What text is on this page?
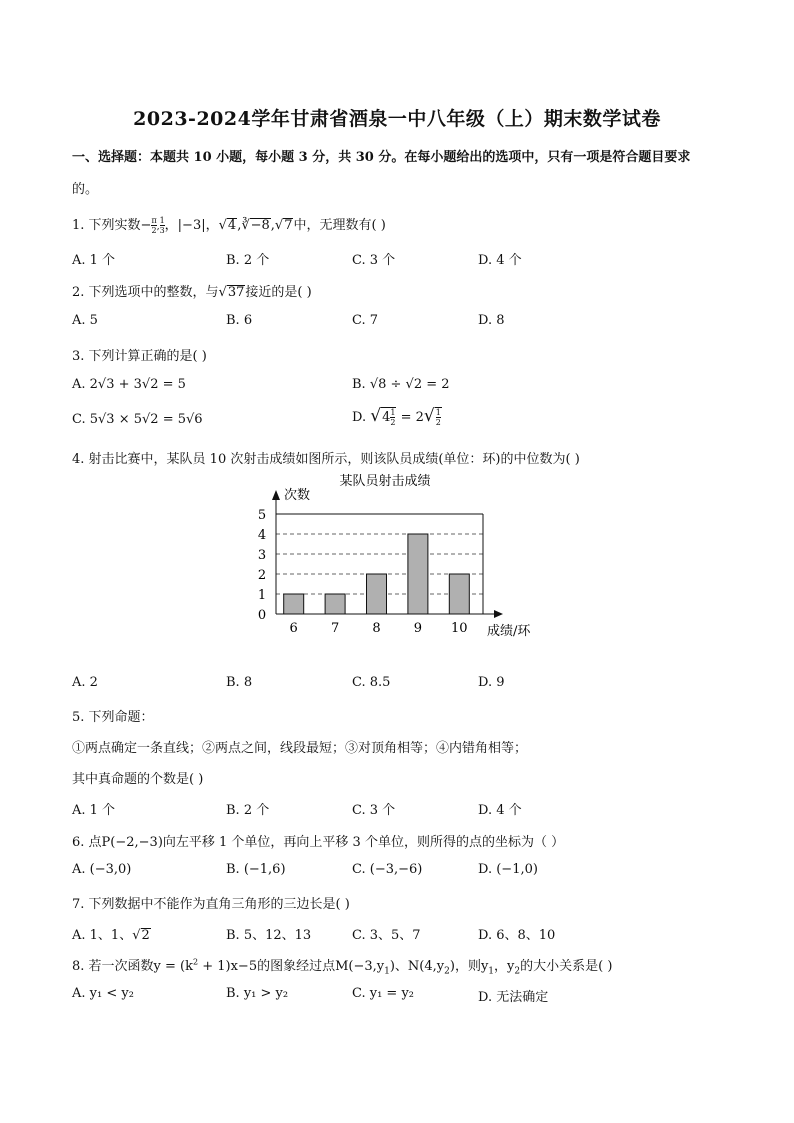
2023-2024学年甘肃省酒泉一中八年级（上）期末数学试卷
一、选择题：本题共 10 小题，每小题 3 分，共 30 分。在每小题给出的选项中，只有一项是符合题目要求
的。
1. 下列实数− $\frac{\pi}{2}$ , $\frac{1}{3}$ ，|−3|，√4,∛−8,√7中，无理数有( )
A. 1 个	B. 2 个	C. 3 个	D. 4 个
2. 下列选项中的整数，与√37接近的是( )
A. 5	B. 6	C. 7	D. 8
3. 下列计算正确的是( )
A. 2√3 + 3√2 = 5	B. √8 ÷ √2 = 2
C. 5√3 × 5√2 = 5√6	D. $√4 \frac{1}{2} = 2√ \frac{1}{2}$
4. 射击比赛中，某队员 10 次射击成绩如图所示，则该队员成绩(单位：环)的中位数为( )
某队员射击成绩
次数
成绩/环
6	7	8	9 10
0
1
2
3
4
5
A. 2	B. 8	C. 8.5	D. 9
5. 下列命题：
①两点确定一条直线；②两点之间，线段最短；③对顶角相等；④内错角相等；
其中真命题的个数是( )
A. 1 个	B. 2 个	C. 3 个	D. 4 个
6. 点P(−2,−3)向左平移 1 个单位，再向上平移 3 个单位，则所得的点的坐标为（ ）
A. (−3,0)	B. (−1,6)	C. (−3,−6)	D. (−1,0)
7. 下列数据中不能作为直角三角形的三边长是( )
A. 1、1、√2	B. 5、12、13	C. 3、5、7	D. 6、8、10
8. 若一次函数$y = (k^2 + 1)x-5$的图象经过点$M(-3,y_1)$、$N(4,y_2)$，则$y_1$，$y_2$的大小关系是( )
A. y₁ < y₂	B. y₁ > y₂	C. y₁ = y₂	D. 无法确定
